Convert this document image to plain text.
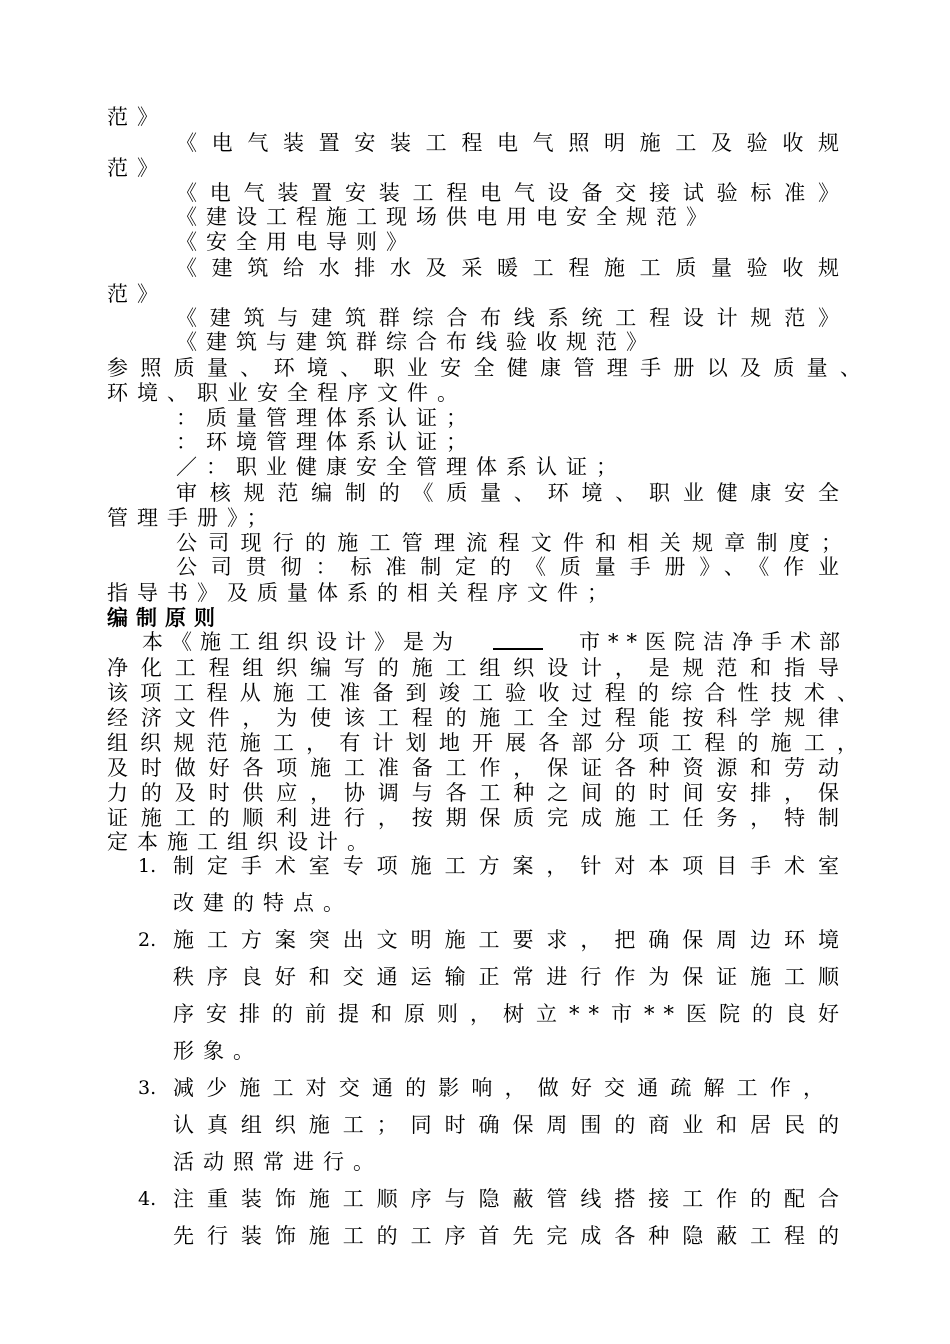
范》
《电气装置安装工程电气照明施工及验收规
范》
《电气装置安装工程电气设备交接试验标准》
《建设工程施工现场供电用电安全规范》
《安全用电导则》
《建筑给水排水及采暖工程施工质量验收规
范》
《建筑与建筑群综合布线系统工程设计规范》
《建筑与建筑群综合布线验收规范》
参照质量、环境、职业安全健康管理手册以及质量、
环境、职业安全程序文件。
：质量管理体系认证；
：环境管理体系认证；
／：职业健康安全管理体系认证；
审核规范编制的《质量、环境、职业健康安全
管理手册》；
公司现行的施工管理流程文件和相关规章制度；
公司贯彻：标准制定的《质量手册》、《作业
指导书》及质量体系的相关程序文件；
编制原则
本《施工组织设计》是为	市**医院洁净手术部
净化工程组织编写的施工组织设计，是规范和指导
该项工程从施工准备到竣工验收过程的综合性技术、
经济文件，为使该工程的施工全过程能按科学规律
组织规范施工，有计划地开展各部分项工程的施工，
及时做好各项施工准备工作，保证各种资源和劳动
力的及时供应，协调与各工种之间的时间安排，保
证施工的顺利进行，按期保质完成施工任务，特制
定本施工组织设计。
1. 制定手术室专项施工方案，针对本项目手术室
改建的特点。
2. 施工方案突出文明施工要求，把确保周边环境
秩序良好和交通运输正常进行作为保证施工顺
序安排的前提和原则，树立**市**医院的良好
形象。
3. 减少施工对交通的影响，做好交通疏解工作，
认真组织施工；同时确保周围的商业和居民的
活动照常进行。
4. 注重装饰施工顺序与隐蔽管线搭接工作的配合
先行装饰施工的工序首先完成各种隐蔽工程的
